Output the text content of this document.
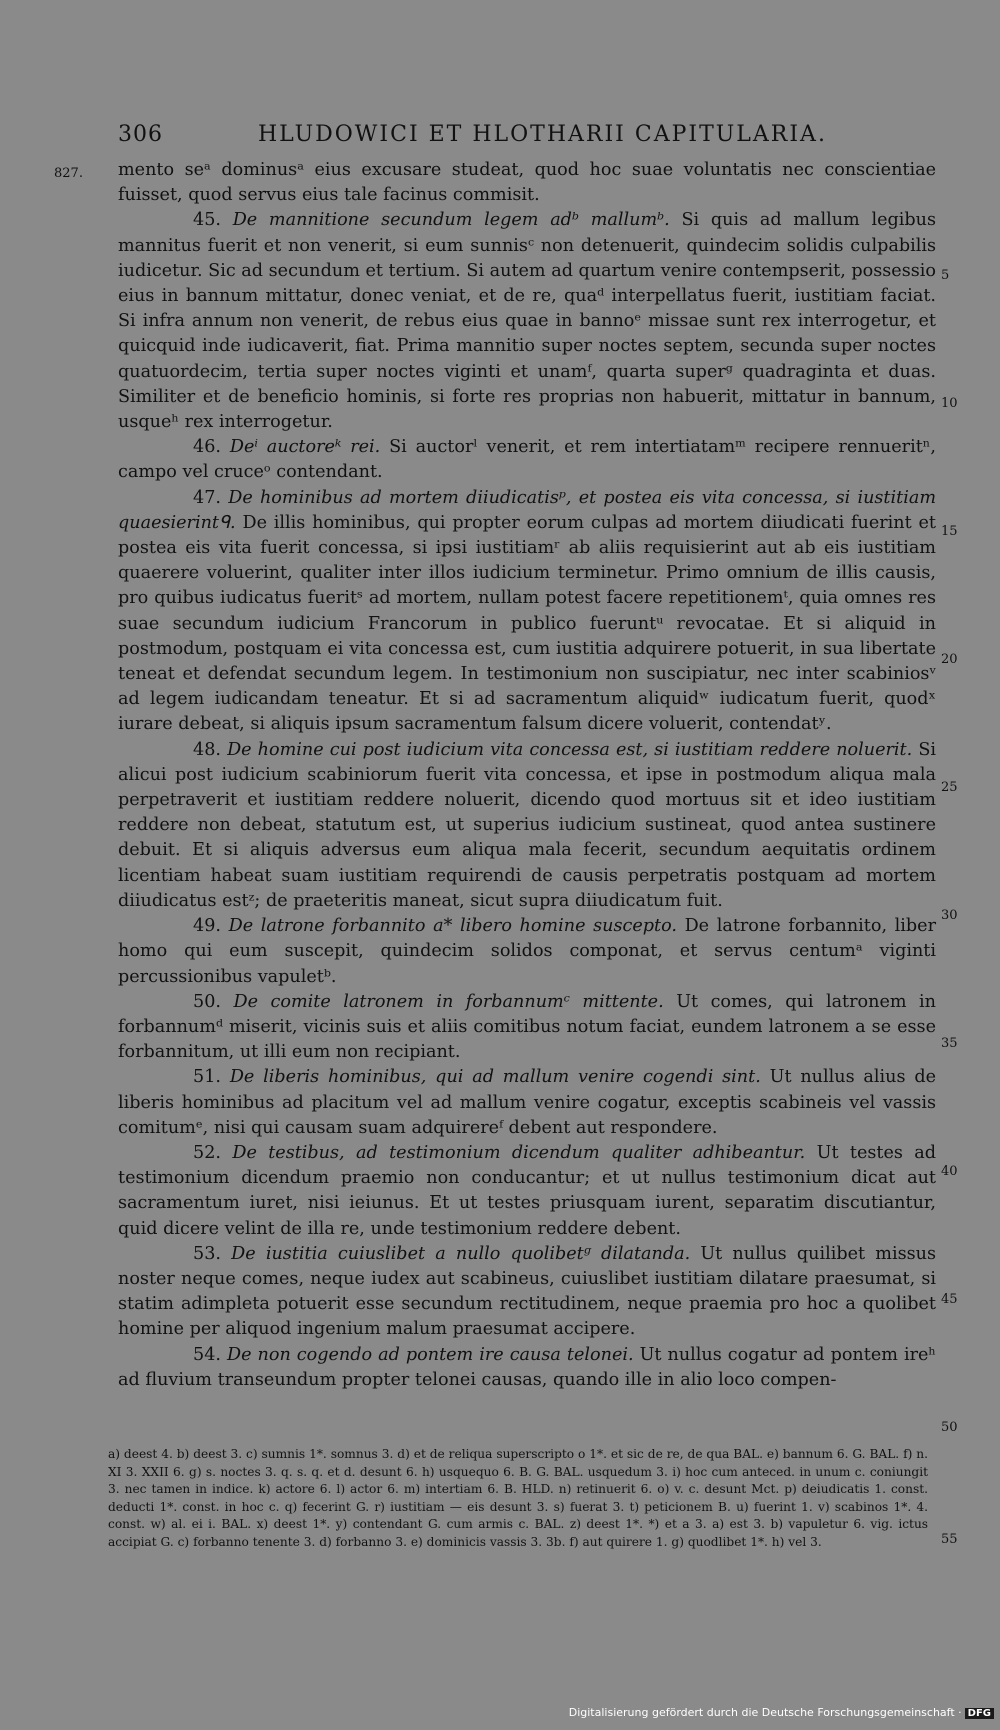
306	HLUDOWICI ET HLOTHARII CAPITULARIA.
827. mento seᵃ dominusᵃ eius excusare studeat, quod hoc suae voluntatis nec conscientiae fuisset, quod servus eius tale facinus commisit.

45. De mannitione secundum legem adᵇ mallumᵇ. Si quis ad mallum legibus mannitus fuerit et non venerit, si eum sunnisᶜ non detenuerit, quindecim solidis culpabilis iudicetur. Sic ad secundum et tertium. Si autem ad quartum venire contempserit, possessio eius in bannum mittatur, donec veniat, et de re, quaᵈ interpellatus fuerit, iustitiam faciat. Si infra annum non venerit, de rebus eius quae in bannoᵉ missae sunt rex interrogetur, et quicquid inde iudicaverit, fiat. Prima mannitio super noctes septem, secunda super noctes quatuordecim, tertia super noctes viginti et unamᶠ, quarta superᵍ quadraginta et duas. Similiter et de beneficio hominis, si forte res proprias non habuerit, mittatur in bannum, usqueʰ rex interrogetur.

46. Deⁱ auctoreᵏ rei. Si auctorˡ venerit, et rem intertiatamᵐ recipere rennueritⁿ, campo vel cruceᵒ contendant.

47. De hominibus ad mortem diiudicatisᵖ, et postea eis vita concessa, si iustitiam quaesierintᑫ. De illis hominibus, qui propter eorum culpas ad mortem diiudicati fuerint et postea eis vita fuerit concessa, si ipsi iustitiamʳ ab aliis requisierint aut ab eis iustitiam quaerere voluerint, qualiter inter illos iudicium terminetur. Primo omnium de illis causis, pro quibus iudicatus fueritˢ ad mortem, nullam potest facere repetitionemᵗ, quia omnes res suae secundum iudicium Francorum in publico fueruntᵘ revocatae. Et si aliquid in postmodum, postquam ei vita concessa est, cum iustitia adquirere potuerit, in sua libertate teneat et defendat secundum legem. In testimonium non suscipiatur, nec inter scabiniosᵛ ad legem iudicandam teneatur. Et si ad sacramentum aliquidʷ iudicatum fuerit, quodˣ iurare debeat, si aliquis ipsum sacramentum falsum dicere voluerit, contendatʸ.

48. De homine cui post iudicium vita concessa est, si iustitiam reddere noluerit. Si alicui post iudicium scabiniorum fuerit vita concessa, et ipse in postmodum aliqua mala perpetraverit et iustitiam reddere noluerit, dicendo quod mortuus sit et ideo iustitiam reddere non debeat, statutum est, ut superius iudicium sustineat, quod antea sustinere debuit. Et si aliquis adversus eum aliqua mala fecerit, secundum aequitatis ordinem licentiam habeat suam iustitiam requirendi de causis perpetratis postquam ad mortem diiudicatus estᶻ; de praeteritis maneat, sicut supra diiudicatum fuit.

49. De latrone forbannito a* libero homine suscepto. De latrone forbannito, liber homo qui eum suscepit, quindecim solidos componat, et servus centumᵃ viginti percussionibus vapuletᵇ.

50. De comite latronem in forbannumᶜ mittente. Ut comes, qui latronem in forbannumᵈ miserit, vicinis suis et aliis comitibus notum faciat, eundem latronem a se esse forbannitum, ut illi eum non recipiant.

51. De liberis hominibus, qui ad mallum venire cogendi sint. Ut nullus alius de liberis hominibus ad placitum vel ad mallum venire cogatur, exceptis scabineis vel vassis comitumᵉ, nisi qui causam suam adquirereᶠ debent aut respondere.

52. De testibus, ad testimonium dicendum qualiter adhibeantur. Ut testes ad testimonium dicendum praemio non conducantur; et ut nullus testimonium dicat aut sacramentum iuret, nisi ieiunus. Et ut testes priusquam iurent, separatim discutiantur, quid dicere velint de illa re, unde testimonium reddere debent.

53. De iustitia cuiuslibet a nullo quolibetᵍ dilatanda. Ut nullus quilibet missus noster neque comes, neque iudex aut scabineus, cuiuslibet iustitiam dilatare praesumat, si statim adimpleta potuerit esse secundum rectitudinem, neque praemia pro hoc a quolibet homine per aliquod ingenium malum praesumat accipere.

54. De non cogendo ad pontem ire causa telonei. Ut nullus cogatur ad pontem ireʰ ad fluvium transeundum propter telonei causas, quando ille in alio loco compen-

5
10
15
20
25
30
35
40
45
50
55
a) deest 4. b) deest 3. c) sumnis 1*. somnus 3. d) et de reliqua superscripto o 1*. et sic de re, de qua BAL. e) bannum 6. G. BAL. f) n. XI 3. XXII 6. g) s. noctes 3. q. s. q. et d. desunt 6. h) usquequo 6. B. G. BAL. usquedum 3. i) hoc cum anteced. in unum c. coniungit 3. nec tamen in indice. k) actore 6. l) actor 6. m) intertiam 6. B. HLD. n) retinuerit 6. o) v. c. desunt Mct. p) deiudicatis 1. const. deducti 1*. const. in hoc c. q) fecerint G. r) iustitiam — eis desunt 3. s) fuerat 3. t) peticionem B. u) fuerint 1. v) scabinos 1*. 4. const. w) al. ei i. BAL. x) deest 1*. y) contendant G. cum armis c. BAL. z) deest 1*. *) et a 3. a) est 3. b) vapuletur 6. vig. ictus accipiat G. c) forbanno tenente 3. d) forbanno 3. e) dominicis vassis 3. 3b. f) aut quirere 1. g) quodlibet 1*. h) vel 3.
Digitalisierung gefördert durch die Deutsche Forschungsgemeinschaft · DFG
